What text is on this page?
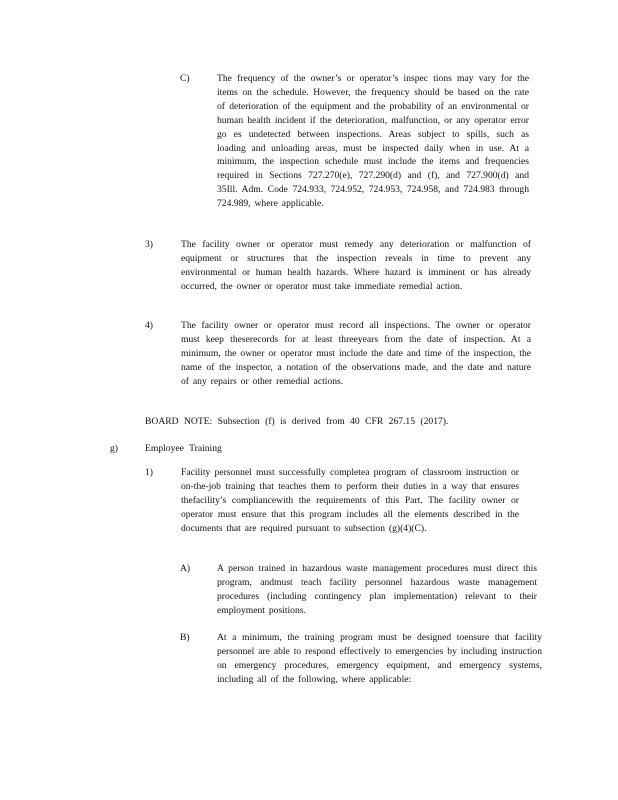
C)	The frequency of the owner’s or operator’s inspec tions may vary for the items on the schedule. However, the frequency should be based on the rate of deterioration of the equipment and the probability of an environmental or human health incident if the deterioration, malfunction, or any operator error go es undetected between inspections. Areas subject to spills, such as loading and unloading areas, must be inspected daily when in use. At a minimum, the inspection schedule must include the items and frequencies required in Sections 727.270(e), 727.290(d) and (f), and 727.900(d) and 35Ill. Adm. Code 724.933, 724.952, 724.953, 724.958, and 724.983 through 724.989, where applicable.
3)	The facility owner or operator must remedy any deterioration or malfunction of equipment or structures that the inspection reveals in time to prevent any environmental or human health hazards. Where hazard is imminent or has already occurred, the owner or operator must take immediate remedial action.
4)	The facility owner or operator must record all inspections. The owner or operator must keep theserecords for at least threeyears from the date of inspection. At a minimum, the owner or operator must include the date and time of the inspection, the name of the inspector, a notation of the observations made, and the date and nature of any repairs or other remedial actions.
BOARD NOTE: Subsection (f) is derived from 40 CFR 267.15 (2017).
g)	Employee Training
1)	Facility personnel must successfully completea program of classroom instruction or on-the-job training that teaches them to perform their duties in a way that ensures thefacility’s compliancewith the requirements of this Part. The facility owner or operator must ensure that this program includes all the elements described in the documents that are required pursuant to subsection (g)(4)(C).
A)	A person trained in hazardous waste management procedures must direct this program, andmust teach facility personnel hazardous waste management procedures (including contingency plan implementation) relevant to their employment positions.
B)	At a minimum, the training program must be designed toensure that facility personnel are able to respond effectively to emergencies by including instruction on emergency procedures, emergency equipment, and emergency systems, including all of the following, where applicable:
